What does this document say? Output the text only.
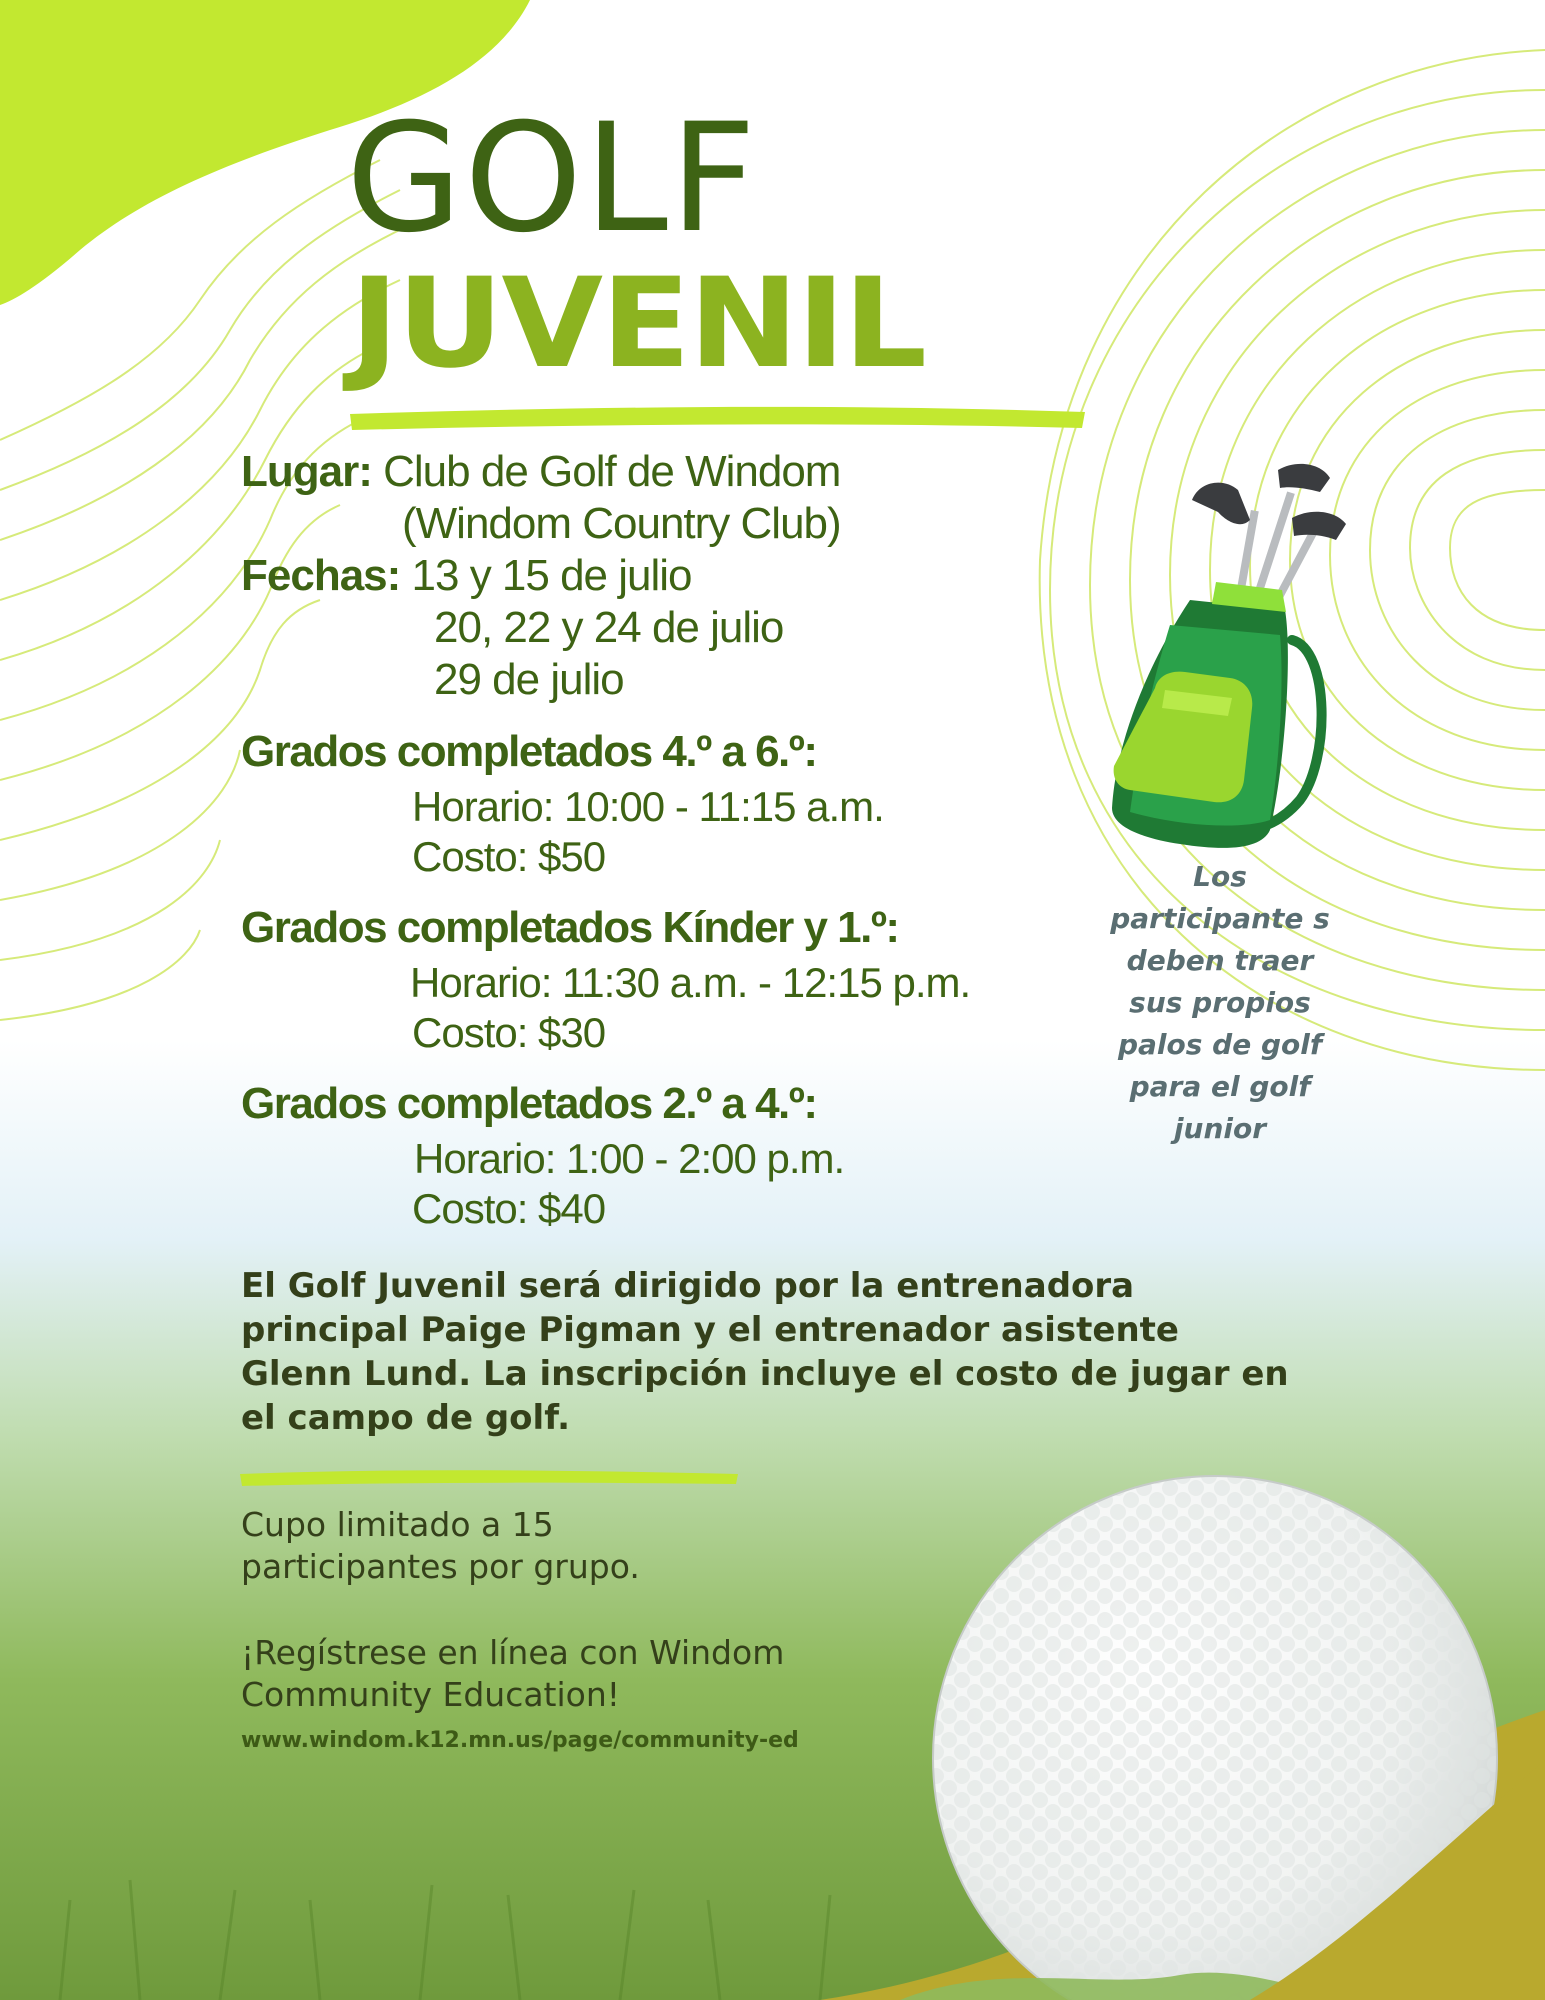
GOLF
JUVENIL
Lugar: Club de Golf de Windom
(Windom Country Club)
Fechas: 13 y 15 de julio
20, 22 y 24 de julio
29 de julio
Grados completados 4.º a 6.º:
Horario: 10:00 - 11:15 a.m.
Costo: $50
Grados completados Kínder y 1.º:
Horario: 11:30 a.m. - 12:15 p.m.
Costo: $30
Grados completados 2.º a 4.º:
Horario: 1:00 - 2:00 p.m.
Costo: $40
Los participante s deben traer sus propios palos de golf para el golf junior
El Golf Juvenil será dirigido por la entrenadora principal Paige Pigman y el entrenador asistente Glenn Lund. La inscripción incluye el costo de jugar en el campo de golf.
Cupo limitado a 15 participantes por grupo.
¡Regístrese en línea con Windom Community Education!
www.windom.k12.mn.us/page/community-ed
